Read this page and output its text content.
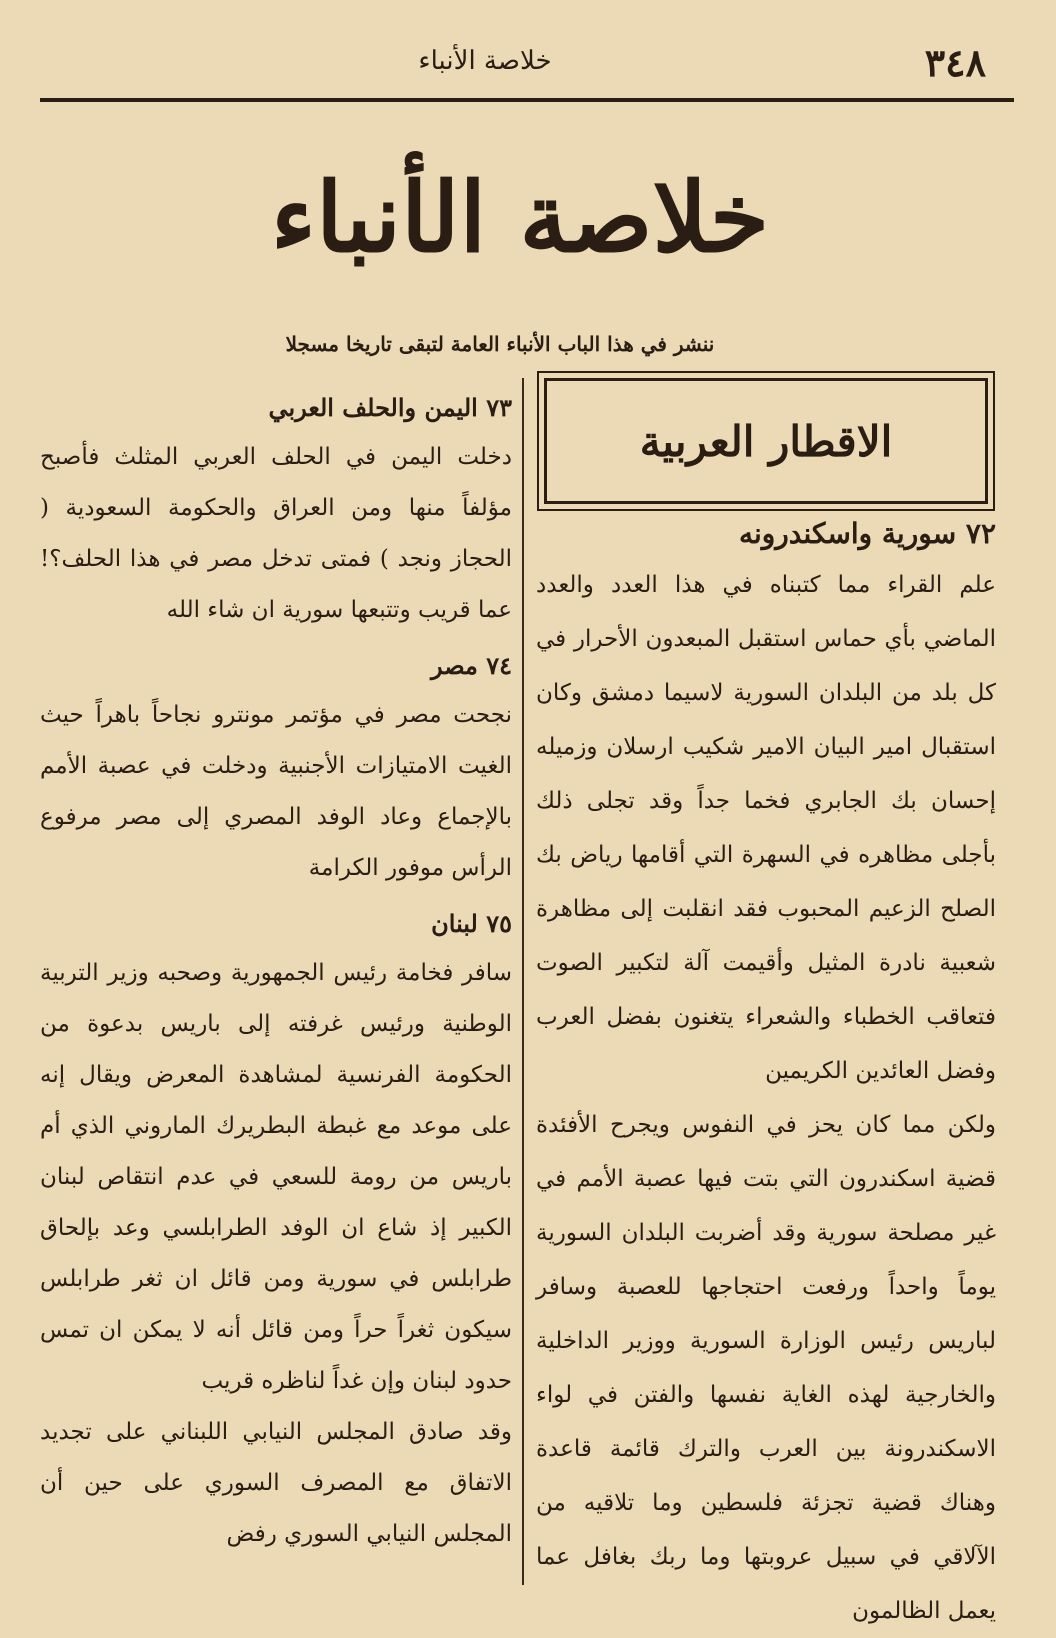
٣٤٨
خلاصة الأنباء
خلاصة الأنباء
ننشر في هذا الباب الأنباء العامة لتبقى تاريخا مسجلا
الاقطار العربية
٧٢ سورية واسكندرونه
علم القراء مما كتبناه في هذا العدد والعدد الماضي بأي حماس استقبل المبعدون الأحرار في كل بلد من البلدان السورية لاسيما دمشق وكان استقبال امير البيان الامير شكيب ارسلان وزميله إحسان بك الجابري فخما جداً وقد تجلى ذلك بأجلى مظاهره في السهرة التي أقامها رياض بك الصلح الزعيم المحبوب فقد انقلبت إلى مظاهرة شعبية نادرة المثيل وأقيمت آلة لتكبير الصوت فتعاقب الخطباء والشعراء يتغنون بفضل العرب وفضل العائدين الكريمين
ولكن مما كان يحز في النفوس ويجرح الأفئدة قضية اسكندرون التي بتت فيها عصبة الأمم في غير مصلحة سورية وقد أضربت البلدان السورية يوماً واحداً ورفعت احتجاجها للعصبة وسافر لباريس رئيس الوزارة السورية ووزير الداخلية والخارجية لهذه الغاية نفسها والفتن في لواء الاسكندرونة بين العرب والترك قائمة قاعدة وهناك قضية تجزئة فلسطين وما تلاقيه من الآلاقي في سبيل عروبتها وما ربك بغافل عما يعمل الظالمون
٧٣ اليمن والحلف العربي
دخلت اليمن في الحلف العربي المثلث فأصبح مؤلفاً منها ومن العراق والحكومة السعودية ( الحجاز ونجد ) فمتى تدخل مصر في هذا الحلف؟! عما قريب وتتبعها سورية ان شاء الله
٧٤ مصر
نجحت مصر في مؤتمر مونترو نجاحاً باهراً حيث الغيت الامتيازات الأجنبية ودخلت في عصبة الأمم بالإجماع وعاد الوفد المصري إلى مصر مرفوع الرأس موفور الكرامة
٧٥ لبنان
سافر فخامة رئيس الجمهورية وصحبه وزير التربية الوطنية ورئيس غرفته إلى باريس بدعوة من الحكومة الفرنسية لمشاهدة المعرض ويقال إنه على موعد مع غبطة البطريرك الماروني الذي أم باريس من رومة للسعي في عدم انتقاص لبنان الكبير إذ شاع ان الوفد الطرابلسي وعد بإلحاق طرابلس في سورية ومن قائل ان ثغر طرابلس سيكون ثغراً حراً ومن قائل أنه لا يمكن ان تمس حدود لبنان وإن غداً لناظره قريب
وقد صادق المجلس النيابي اللبناني على تجديد الاتفاق مع المصرف السوري على حين أن المجلس النيابي السوري رفض
